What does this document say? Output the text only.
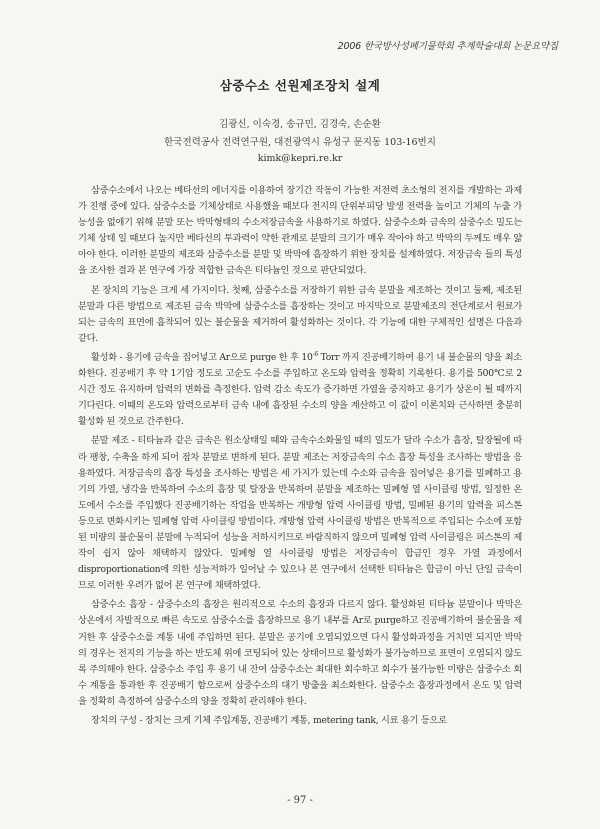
2006 한국방사성폐기물학회 추계학술대회 논문요약집
삼중수소 선원제조장치 설계
김광신, 이숙경, 송규민, 김경숙, 손순환
한국전력공사 전력연구원, 대전광역시 유성구 문지동 103-16번지
kimk@kepri.re.kr

삼중수소에서 나오는 베타선의 에너지를 이용하여 장기간 작동이 가능한 저전력 초소형의 전지를 개발하는 과제가 진행 중에 있다. 삼중수소를 기체상태로 사용했을 때보다 전지의 단위부피당 발생 전력을 높이고 기체의 누출 가능성을 없애기 위해 분말 또는 박막형태의 수소저장금속을 사용하기로 하였다. 삼중수소화 금속의 삼중수소 밀도는 기체 상태 일 때보다 높지만 베타선의 투과력이 약한 관계로 분말의 크기가 매우 작아야 하고 박막의 두께도 매우 얇아야 한다. 이러한 분말의 제조와 삼중수소를 분말 및 박막에 흡장하기 위한 장치를 설계하였다. 저장금속 들의 특성을 조사한 결과 본 연구에 가장 적합한 금속은 티타늄인 것으로 판단되었다.

본 장치의 기능은 크게 세 가지이다. 첫째, 삼중수소를 저장하기 위한 금속 분말을 제조하는 것이고 둘째, 제조된 분말과 다른 방법으로 제조된 금속 박막에 삼중수소를 흡장하는 것이고 마지막으로 분말제조의 전단계로서 원료가 되는 금속의 표면에 흡착되어 있는 불순물을 제거하여 활성화하는 것이다. 각 기능에 대한 구체적인 설명은 다음과 같다.

활성화 - 용기에 금속을 집어넣고 Ar으로 purge 한 후 $10^{-6}$ Torr 까지 진공배기하여 용기 내 불순물의 양을 최소화한다. 진공배기 후 약 1기압 정도로 고순도 수소를 주입하고 온도와 압력을 정확히 기록한다. 용기를 500℃로 2시간 정도 유지하며 압력의 변화를 측정한다. 압력 감소 속도가 증가하면 가열을 중지하고 용기가 상온이 될 때까지 기다린다. 이때의 온도와 압력으로부터 금속 내에 흡장된 수소의 양을 계산하고 이 값이 이론치와 근사하면 충분히 활성화 된 것으로 간주한다.

분말 제조 - 티타늄과 같은 금속은 원소상태일 때와 금속수소화물일 때의 밀도가 달라 수소가 흡장, 탈장될에 따라 팽창, 수축을 하게 되어 점차 분말로 변하게 된다. 분말 제조는 저장금속의 수소 흡장 특성을 조사하는 방법을 응용하였다. 저장금속의 흡장 특성을 조사하는 방법은 세 가지가 있는데 수소와 금속을 집어넣은 용기를 밀폐하고 용기의 가열, 냉각을 반복하여 수소의 흡장 및 탈장을 반복하여 분말을 제조하는 밀폐형 열 사이클링 방법, 일정한 온도에서 수소를 주입했다 진공배기하는 작업을 반복하는 개방형 압력 사이클링 방법, 밀폐된 용기의 압력을 피스톤 등으로 변화시키는 밀폐형 압력 사이클링 방법이다. 개방형 압력 사이클링 방법은 반복적으로 주입되는 수소에 포함된 미량의 불순물이 분말에 누적되어 성능을 저하시키므로 바람직하지 않으며 밀폐형 압력 사이클링은 피스톤의 제작이 쉽지 않아 채택하지 않았다. 밀폐형 열 사이클링 방법은 저장금속이 합금인 경우 가열 과정에서 disproportionation에 의한 성능저하가 일어날 수 있으나 본 연구에서 선택한 티타늄은 합금이 아닌 단일 금속이므로 이러한 우려가 없어 본 연구에 채택하였다.

삼중수소 흡장 - 삼중수소의 흡장은 원리적으로 수소의 흡장과 다르지 않다. 활성화된 티타늄 분말이나 박막은 상온에서 자발적으로 빠른 속도로 삼중수소를 흡장하므로 용기 내부를 Ar로 purge하고 진공배기하여 불순물을 제거한 후 삼중수소를 계통 내에 주입하면 된다. 분말은 공기에 오염되었으면 다시 활성화과정을 거치면 되지만 박막의 경우는 전지의 기능을 하는 반도체 위에 코팅되어 있는 상태이므로 활성화가 불가능하므로 표면이 오염되지 않도록 주의해야 한다. 삼중수소 주입 후 용기 내 잔여 삼중수소는 최대한 회수하고 회수가 불가능한 미량은 삼중수소 회수 계통을 통과한 후 진공배기 함으로써 삼중수소의 대기 방출을 최소화한다. 삼중수소 흡장과정에서 온도 및 압력을 정확히 측정하여 삼중수소의 양을 정확히 관리해야 한다.

장치의 구성 - 장치는 크게 기체 주입계통, 진공배기 계통, metering tank, 시료 용기 등으로

- 97 -
